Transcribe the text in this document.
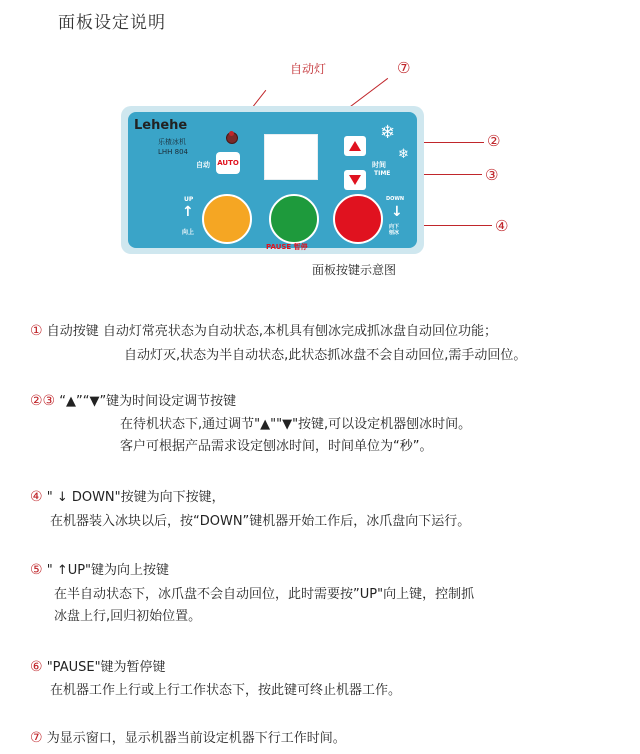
面板设定说明
自动灯	⑦
②
③
④
Lehehe
乐楂冰机
LHH 804
自动 AUTO
❄
❄
时间
TIME
UP
↑
向上
PAUSE 暂停
DOWN
↓
向下
刨冰
面板按键示意图
① 自动按键 自动灯常亮状态为自动状态,本机具有刨冰完成抓冰盘自动回位功能；
自动灯灭,状态为半自动状态,此状态抓冰盘不会自动回位,需手动回位。
②③ “▲”“▼”键为时间设定调节按键
在待机状态下,通过调节"▲""▼"按键,可以设定机器刨冰时间。
客户可根据产品需求设定刨冰时间，时间单位为“秒”。
④ " ↓ DOWN"按键为向下按键，
在机器装入冰块以后，按“DOWN”键机器开始工作后，冰爪盘向下运行。
⑤ " ↑UP"键为向上按键
在半自动状态下，冰爪盘不会自动回位，此时需要按”UP"向上键，控制抓
冰盘上行,回归初始位置。
⑥ "PAUSE"键为暂停键
在机器工作上行或上行工作状态下，按此键可终止机器工作。
⑦ 为显示窗口，显示机器当前设定机器下行工作时间。
